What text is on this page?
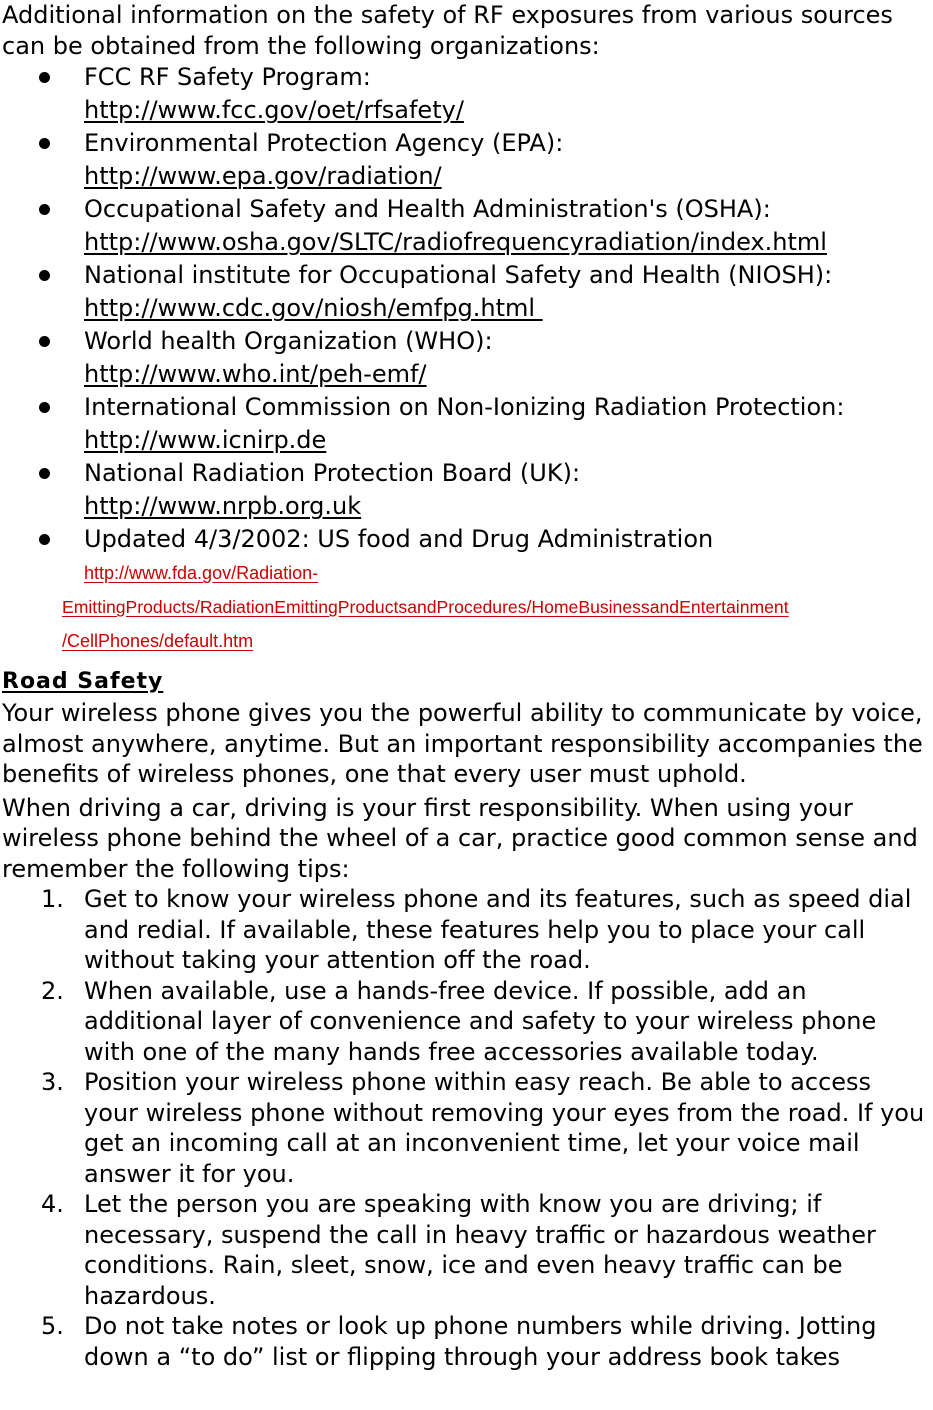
Additional information on the safety of RF exposures from various sources can be obtained from the following organizations:

FCC RF Safety Program:
http://www.fcc.gov/oet/rfsafety/
Environmental Protection Agency (EPA):
http://www.epa.gov/radiation/
Occupational Safety and Health Administration's (OSHA):
http://www.osha.gov/SLTC/radiofrequencyradiation/index.html
National institute for Occupational Safety and Health (NIOSH):
http://www.cdc.gov/niosh/emfpg.html
World health Organization (WHO):
http://www.who.int/peh-emf/
International Commission on Non-Ionizing Radiation Protection:
http://www.icnirp.de
National Radiation Protection Board (UK):
http://www.nrpb.org.uk
Updated 4/3/2002: US food and Drug Administration
http://www.fda.gov/Radiation-
EmittingProducts/RadiationEmittingProductsandProcedures/HomeBusinessandEntertainment
/CellPhones/default.htm
Road Safety

Your wireless phone gives you the powerful ability to communicate by voice, almost anywhere, anytime. But an important responsibility accompanies the benefits of wireless phones, one that every user must uphold.

When driving a car, driving is your first responsibility. When using your wireless phone behind the wheel of a car, practice good common sense and remember the following tips:

1. Get to know your wireless phone and its features, such as speed dial and redial. If available, these features help you to place your call without taking your attention off the road.
2. When available, use a hands-free device. If possible, add an additional layer of convenience and safety to your wireless phone with one of the many hands free accessories available today.
3. Position your wireless phone within easy reach. Be able to access your wireless phone without removing your eyes from the road. If you get an incoming call at an inconvenient time, let your voice mail answer it for you.
4. Let the person you are speaking with know you are driving; if necessary, suspend the call in heavy traffic or hazardous weather conditions. Rain, sleet, snow, ice and even heavy traffic can be hazardous.
5. Do not take notes or look up phone numbers while driving. Jotting down a “to do” list or flipping through your address book takes
